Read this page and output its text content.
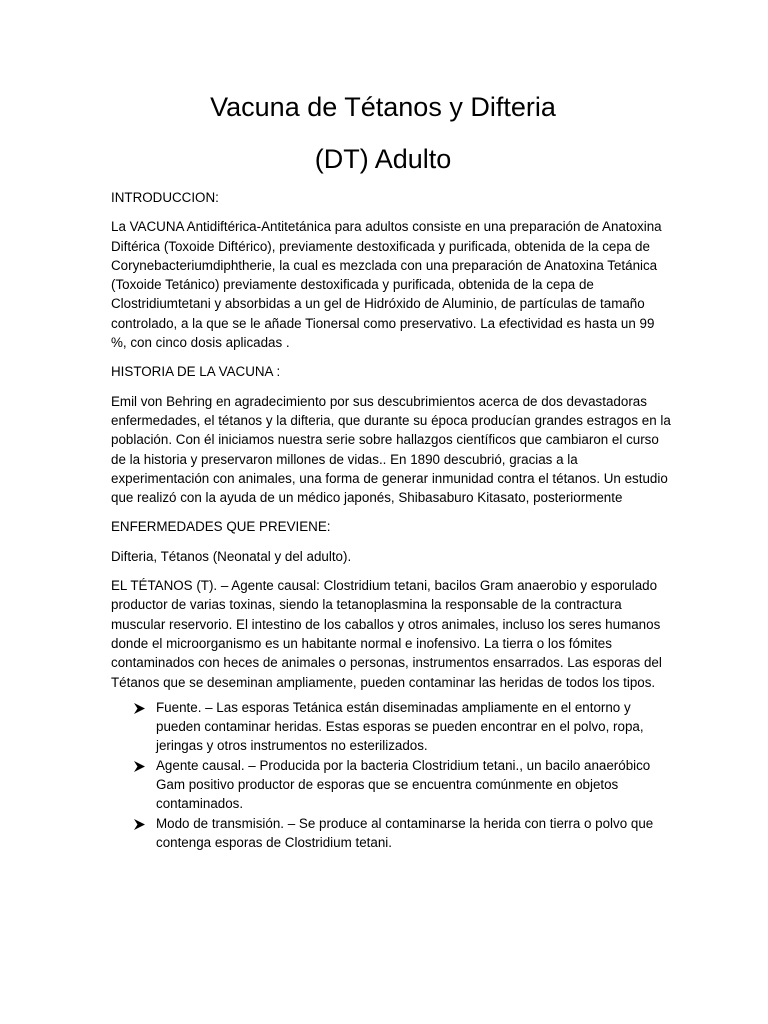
Vacuna de Tétanos y Difteria
(DT) Adulto

INTRODUCCION:

La VACUNA Antidiftérica-Antitetánica para adultos consiste en una preparación de Anatoxina Diftérica (Toxoide Diftérico), previamente destoxificada y purificada, obtenida de la cepa de Corynebacteriumdiphtherie, la cual es mezclada con una preparación de Anatoxina Tetánica (Toxoide Tetánico) previamente destoxificada y purificada, obtenida de la cepa de Clostridiumtetani y absorbidas a un gel de Hidróxido de Aluminio, de partículas de tamaño controlado, a la que se le añade Tionersal como preservativo. La efectividad es hasta un 99 %, con cinco dosis aplicadas .

HISTORIA DE LA VACUNA :

Emil von Behring en agradecimiento por sus descubrimientos acerca de dos devastadoras enfermedades, el tétanos y la difteria, que durante su época producían grandes estragos en la población. Con él iniciamos nuestra serie sobre hallazgos científicos que cambiaron el curso de la historia y preservaron millones de vidas.. En 1890 descubrió, gracias a la experimentación con animales, una forma de generar inmunidad contra el tétanos. Un estudio que realizó con la ayuda de un médico japonés, Shibasaburo Kitasato, posteriormente

ENFERMEDADES QUE PREVIENE:

Difteria, Tétanos (Neonatal y del adulto).

EL TÉTANOS (T). – Agente causal: Clostridium tetani, bacilos Gram anaerobio y esporulado productor de varias toxinas, siendo la tetanoplasmina la responsable de la contractura muscular reservorio. El intestino de los caballos y otros animales, incluso los seres humanos donde el microorganismo es un habitante normal e inofensivo. La tierra o los fómites contaminados con heces de animales o personas, instrumentos ensarrados. Las esporas del Tétanos que se deseminan ampliamente, pueden contaminar las heridas de todos los tipos.

Fuente. – Las esporas Tetánica están diseminadas ampliamente en el entorno y pueden contaminar heridas. Estas esporas se pueden encontrar en el polvo, ropa, jeringas y otros instrumentos no esterilizados.
Agente causal. – Producida por la bacteria Clostridium tetani., un bacilo anaeróbico Gam positivo productor de esporas que se encuentra comúnmente en objetos contaminados.
Modo de transmisión. – Se produce al contaminarse la herida con tierra o polvo que contenga esporas de Clostridium tetani.
